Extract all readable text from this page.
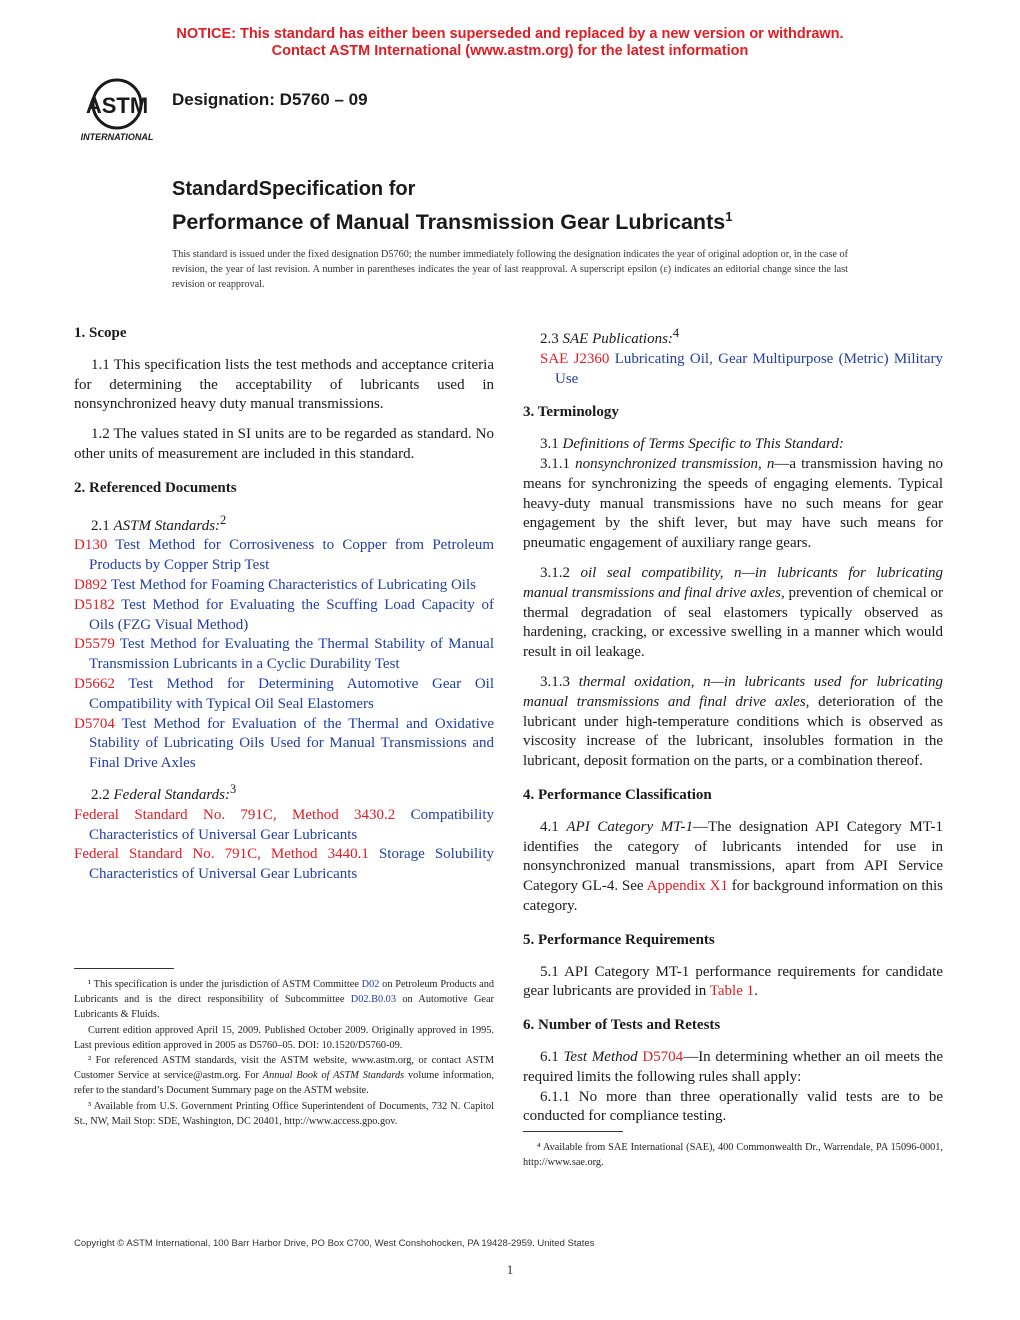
NOTICE: This standard has either been superseded and replaced by a new version or withdrawn.
Contact ASTM International (www.astm.org) for the latest information
ASTM
INTERNATIONAL
Designation: D5760 – 09
StandardSpecification for
Performance of Manual Transmission Gear Lubricants$^1$
This standard is issued under the fixed designation D5760; the number immediately following the designation indicates the year of original adoption or, in the case of revision, the year of last revision. A number in parentheses indicates the year of last reapproval. A superscript epsilon (ε) indicates an editorial change since the last revision or reapproval.
1. Scope
1.1 This specification lists the test methods and acceptance criteria for determining the acceptability of lubricants used in nonsynchronized heavy duty manual transmissions.
1.2 The values stated in SI units are to be regarded as standard. No other units of measurement are included in this standard.
2. Referenced Documents
2.1 ASTM Standards:$^2$
D130 Test Method for Corrosiveness to Copper from Petroleum Products by Copper Strip Test
D892 Test Method for Foaming Characteristics of Lubricating Oils
D5182 Test Method for Evaluating the Scuffing Load Capacity of Oils (FZG Visual Method)
D5579 Test Method for Evaluating the Thermal Stability of Manual Transmission Lubricants in a Cyclic Durability Test
D5662 Test Method for Determining Automotive Gear Oil Compatibility with Typical Oil Seal Elastomers
D5704 Test Method for Evaluation of the Thermal and Oxidative Stability of Lubricating Oils Used for Manual Transmissions and Final Drive Axles
2.2 Federal Standards:$^3$
Federal Standard No. 791C, Method 3430.2 Compatibility Characteristics of Universal Gear Lubricants
Federal Standard No. 791C, Method 3440.1 Storage Solubility Characteristics of Universal Gear Lubricants

¹ This specification is under the jurisdiction of ASTM Committee D02 on Petroleum Products and Lubricants and is the direct responsibility of Subcommittee D02.B0.03 on Automotive Gear Lubricants & Fluids.

Current edition approved April 15, 2009. Published October 2009. Originally approved in 1995. Last previous edition approved in 2005 as D5760–05. DOI: 10.1520/D5760-09.

² For referenced ASTM standards, visit the ASTM website, www.astm.org, or contact ASTM Customer Service at service@astm.org. For Annual Book of ASTM Standards volume information, refer to the standard’s Document Summary page on the ASTM website.

³ Available from U.S. Government Printing Office Superintendent of Documents, 732 N. Capitol St., NW, Mail Stop: SDE, Washington, DC 20401, http://www.access.gpo.gov.

2.3 SAE Publications:$^4$
SAE J2360 Lubricating Oil, Gear Multipurpose (Metric) Military Use
3. Terminology
3.1 Definitions of Terms Specific to This Standard:
3.1.1 nonsynchronized transmission, n—a transmission having no means for synchronizing the speeds of engaging elements. Typical heavy-duty manual transmissions have no such means for gear engagement by the shift lever, but may have such means for pneumatic engagement of auxiliary range gears.
3.1.2 oil seal compatibility, n—in lubricants for lubricating manual transmissions and final drive axles, prevention of chemical or thermal degradation of seal elastomers typically observed as hardening, cracking, or excessive swelling in a manner which would result in oil leakage.
3.1.3 thermal oxidation, n—in lubricants used for lubricating manual transmissions and final drive axles, deterioration of the lubricant under high-temperature conditions which is observed as viscosity increase of the lubricant, insolubles formation in the lubricant, deposit formation on the parts, or a combination thereof.
4. Performance Classification
4.1 API Category MT-1—The designation API Category MT-1 identifies the category of lubricants intended for use in nonsynchronized manual transmissions, apart from API Service Category GL-4. See Appendix X1 for background information on this category.
5. Performance Requirements
5.1 API Category MT-1 performance requirements for candidate gear lubricants are provided in Table 1.
6. Number of Tests and Retests
6.1 Test Method D5704—In determining whether an oil meets the required limits the following rules shall apply:
6.1.1 No more than three operationally valid tests are to be conducted for compliance testing.

⁴ Available from SAE International (SAE), 400 Commonwealth Dr., Warrendale, PA 15096-0001, http://www.sae.org.

Copyright © ASTM International, 100 Barr Harbor Drive, PO Box C700, West Conshohocken, PA 19428-2959. United States
1
